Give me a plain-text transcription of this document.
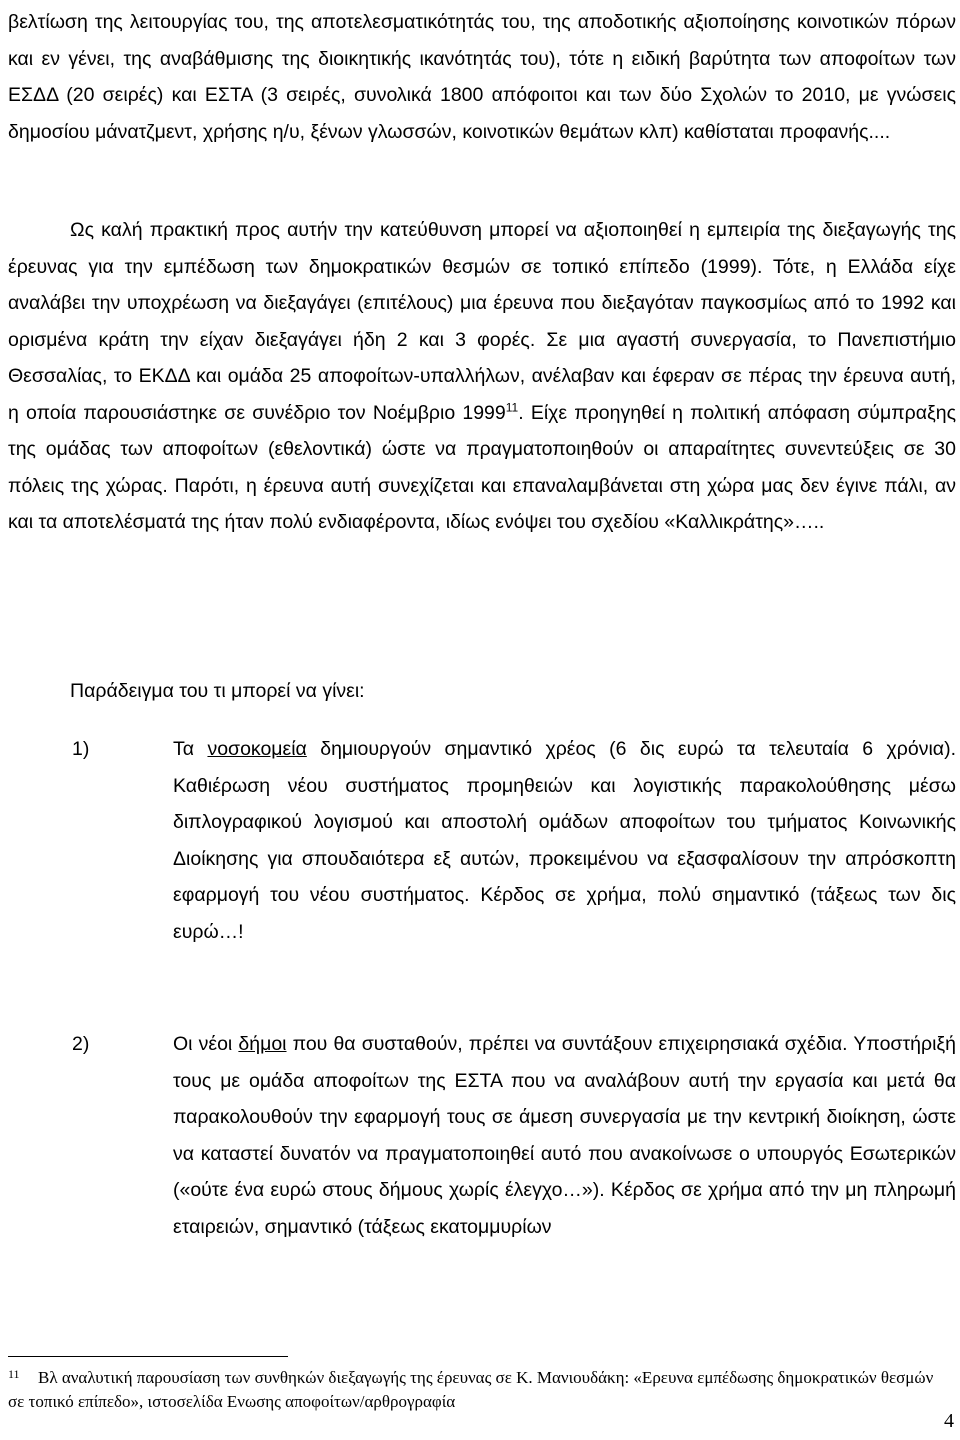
βελτίωση της λειτουργίας του, της αποτελεσματικότητάς του, της αποδοτικής αξιοποίησης κοινοτικών πόρων και εν γένει, της αναβάθμισης της διοικητικής ικανότητάς του), τότε η ειδική βαρύτητα των αποφοίτων των ΕΣΔΔ (20 σειρές) και ΕΣΤΑ (3 σειρές, συνολικά 1800 απόφοιτοι και των δύο Σχολών το 2010, με γνώσεις δημοσίου μάνατζμεντ, χρήσης η/υ, ξένων γλωσσών, κοινοτικών θεμάτων κλπ) καθίσταται προφανής....

Ως καλή πρακτική προς αυτήν την κατεύθυνση μπορεί να αξιοποιηθεί η εμπειρία της διεξαγωγής της έρευνας για την εμπέδωση των δημοκρατικών θεσμών σε τοπικό επίπεδο (1999). Τότε, η Ελλάδα είχε αναλάβει την υποχρέωση να διεξαγάγει (επιτέλους) μια έρευνα που διεξαγόταν παγκοσμίως από το 1992 και ορισμένα κράτη την είχαν διεξαγάγει ήδη 2 και 3 φορές. Σε μια αγαστή συνεργασία, το Πανεπιστήμιο Θεσσαλίας, το ΕΚΔΔ και ομάδα 25 αποφοίτων-υπαλλήλων, ανέλαβαν και έφεραν σε πέρας την έρευνα αυτή, η οποία παρουσιάστηκε σε συνέδριο τον Νοέμβριο 1999$^{11}$. Είχε προηγηθεί η πολιτική απόφαση σύμπραξης της ομάδας των αποφοίτων (εθελοντικά) ώστε να πραγματοποιηθούν οι απαραίτητες συνεντεύξεις σε 30 πόλεις της χώρας. Παρότι, η έρευνα αυτή συνεχίζεται και επαναλαμβάνεται στη χώρα μας δεν έγινε πάλι, αν και τα αποτελέσματά της ήταν πολύ ενδιαφέροντα, ιδίως ενόψει του σχεδίου «Καλλικράτης»…..

Παράδειγμα του τι μπορεί να γίνει:

1)	Τα νοσοκομεία δημιουργούν σημαντικό χρέος (6 δις ευρώ τα τελευταία 6 χρόνια). Καθιέρωση νέου συστήματος προμηθειών και λογιστικής παρακολούθησης μέσω διπλογραφικού λογισμού και αποστολή ομάδων αποφοίτων του τμήματος Κοινωνικής Διοίκησης για σπουδαιότερα εξ αυτών, προκειμένου να εξασφαλίσουν την απρόσκοπτη εφαρμογή του νέου συστήματος. Κέρδος σε χρήμα, πολύ σημαντικό (τάξεως των δις ευρώ…!

2)	Οι νέοι δήμοι που θα συσταθούν, πρέπει να συντάξουν επιχειρησιακά σχέδια. Υποστήριξή τους με ομάδα αποφοίτων της ΕΣΤΑ που να αναλάβουν αυτή την εργασία και μετά θα παρακολουθούν την εφαρμογή τους σε άμεση συνεργασία με την κεντρική διοίκηση, ώστε να καταστεί δυνατόν να πραγματοποιηθεί αυτό που ανακοίνωσε ο υπουργός Εσωτερικών («ούτε ένα ευρώ στους δήμους χωρίς έλεγχο…»). Κέρδος σε χρήμα από την μη πληρωμή εταιρειών, σημαντικό (τάξεως εκατομμυρίων

11 Βλ αναλυτική παρουσίαση των συνθηκών διεξαγωγής της έρευνας σε Κ. Μανιουδάκη: «Ερευνα εμπέδωσης δημοκρατικών θεσμών σε τοπικό επίπεδο», ιστοσελίδα Ενωσης αποφοίτων/αρθρογραφία

4
